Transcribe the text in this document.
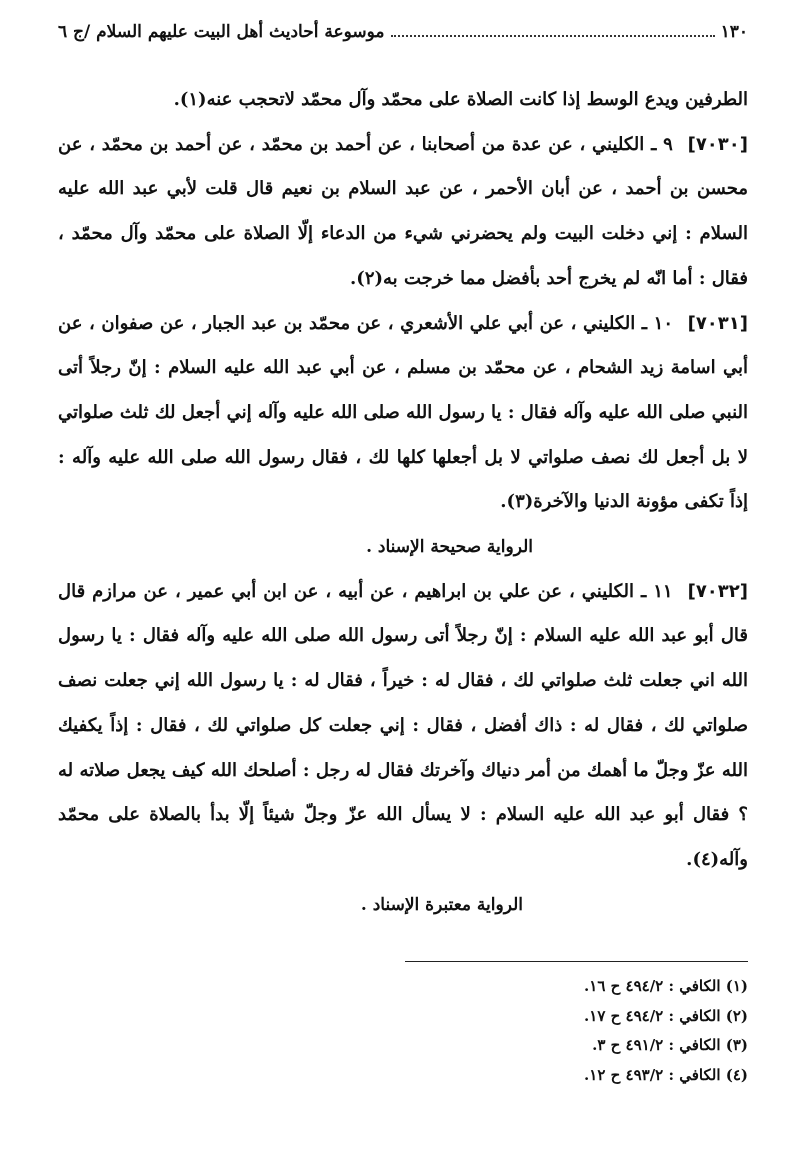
١٣٠
موسوعة أحاديث أهل البيت عليهم السلام /ج ٦

الطرفين ويدع الوسط إذا كانت الصلاة على محمّد وآل محمّد لاتحجب عنه(١).

[٧٠٣٠] ٩ ـ الكليني ، عن عدة من أصحابنا ، عن أحمد بن محمّد ، عن أحمد بن محمّد ، عن محسن بن أحمد ، عن أبان الأحمر ، عن عبد السلام بن نعيم قال قلت لأبي عبد الله عليه السلام : إني دخلت البيت ولم يحضرني شيء من الدعاء إلّا الصلاة على محمّد وآل محمّد ، فقال : أما انّه لم يخرج أحد بأفضل مما خرجت به(٢).

[٧٠٣١] ١٠ ـ الكليني ، عن أبي علي الأشعري ، عن محمّد بن عبد الجبار ، عن صفوان ، عن أبي اسامة زيد الشحام ، عن محمّد بن مسلم ، عن أبي عبد الله عليه السلام : إنّ رجلاً أتى النبي صلى الله عليه وآله فقال : يا رسول الله صلى الله عليه وآله إني أجعل لك ثلث صلواتي لا بل أجعل لك نصف صلواتي لا بل أجعلها كلها لك ، فقال رسول الله صلى الله عليه وآله : إذاً تكفى مؤونة الدنيا والآخرة(٣).

الرواية صحيحة الإسناد .

[٧٠٣٢] ١١ ـ الكليني ، عن علي بن ابراهيم ، عن أبيه ، عن ابن أبي عمير ، عن مرازم قال قال أبو عبد الله عليه السلام : إنّ رجلاً أتى رسول الله صلى الله عليه وآله فقال : يا رسول الله اني جعلت ثلث صلواتي لك ، فقال له : خيراً ، فقال له : يا رسول الله إني جعلت نصف صلواتي لك ، فقال له : ذاك أفضل ، فقال : إني جعلت كل صلواتي لك ، فقال : إذاً يكفيك الله عزّ وجلّ ما أهمك من أمر دنياك وآخرتك فقال له رجل : أصلحك الله كيف يجعل صلاته له ؟ فقال أبو عبد الله عليه السلام : لا يسأل الله عزّ وجلّ شيئاً إلّا بدأ بالصلاة على محمّد وآله(٤).

الرواية معتبرة الإسناد .

(١) الكافي : ٤٩٤/٢ ح ١٦.
(٢) الكافي : ٤٩٤/٢ ح ١٧.
(٣) الكافي : ٤٩١/٢ ح ٣.
(٤) الكافي : ٤٩٣/٢ ح ١٢.
